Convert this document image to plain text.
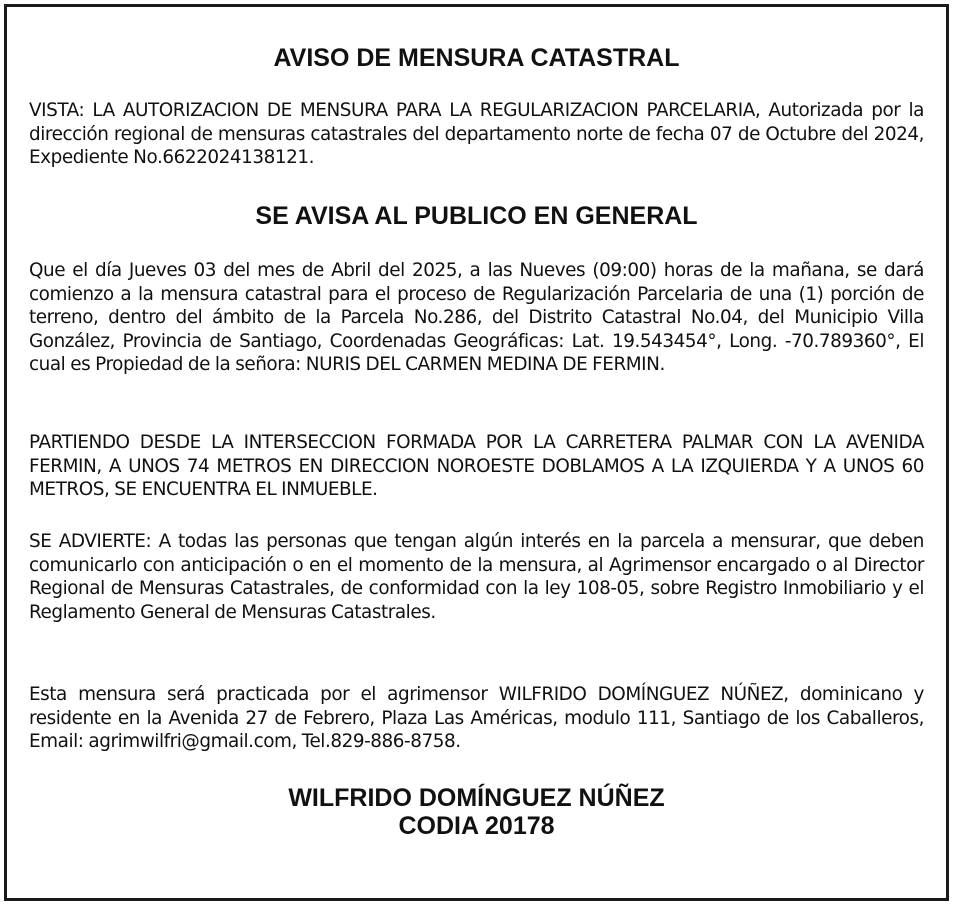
AVISO DE MENSURA CATASTRAL

VISTA: LA AUTORIZACION DE MENSURA PARA LA REGULARIZACION PARCELARIA, Autorizada por la dirección regional de mensuras catastrales del departamento norte de fecha 07 de Octubre del 2024, Expediente No.6622024138121.

SE AVISA AL PUBLICO EN GENERAL

Que el día Jueves 03 del mes de Abril del 2025, a las Nueves (09:00) horas de la mañana, se dará comienzo a la mensura catastral para el proceso de Regularización Parcelaria de una (1) porción de terreno, dentro del ámbito de la Parcela No.286, del Distrito Catastral No.04, del Municipio Villa González, Provincia de Santiago, Coordenadas Geográficas: Lat. 19.543454°, Long. -70.789360°, El cual es Propiedad de la señora: NURIS DEL CARMEN MEDINA DE FERMIN.

PARTIENDO DESDE LA INTERSECCION FORMADA POR LA CARRETERA PALMAR CON LA AVENIDA FERMIN, A UNOS 74 METROS EN DIRECCION NOROESTE DOBLAMOS A LA IZQUIERDA Y A UNOS 60 METROS, SE ENCUENTRA EL INMUEBLE.

SE ADVIERTE: A todas las personas que tengan algún interés en la parcela a mensurar, que deben comunicarlo con anticipación o en el momento de la mensura, al Agrimensor encargado o al Director Regional de Mensuras Catastrales, de conformidad con la ley 108-05, sobre Registro Inmobiliario y el Reglamento General de Mensuras Catastrales.

Esta mensura será practicada por el agrimensor WILFRIDO DOMÍNGUEZ NÚÑEZ, dominicano y residente en la Avenida 27 de Febrero, Plaza Las Américas, modulo 111, Santiago de los Caballeros, Email: agrimwilfri@gmail.com, Tel.829-886-8758.

WILFRIDO DOMÍNGUEZ NÚÑEZ
CODIA 20178
